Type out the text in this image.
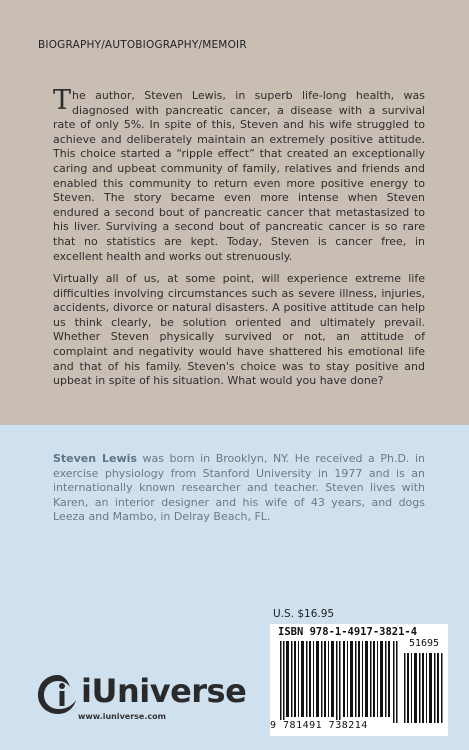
BIOGRAPHY/AUTOBIOGRAPHY/MEMOIR

The author, Steven Lewis, in superb life-long health, was diagnosed with pancreatic cancer, a disease with a survival rate of only 5%. In spite of this, Steven and his wife struggled to achieve and deliberately maintain an extremely positive attitude. This choice started a “ripple effect” that created an exceptionally caring and upbeat community of family, relatives and friends and enabled this community to return even more positive energy to Steven. The story became even more intense when Steven endured a second bout of pancreatic cancer that metastasized to his liver. Surviving a second bout of pancreatic cancer is so rare that no statistics are kept. Today, Steven is cancer free, in excellent health and works out strenuously.

Virtually all of us, at some point, will experience extreme life difficulties involving circumstances such as severe illness, injuries, accidents, divorce or natural disasters. A positive attitude can help us think clearly, be solution oriented and ultimately prevail. Whether Steven physically survived or not, an attitude of complaint and negativity would have shattered his emotional life and that of his family. Steven's choice was to stay positive and upbeat in spite of his situation. What would you have done?

Steven Lewis was born in Brooklyn, NY. He received a Ph.D. in exercise physiology from Stanford University in 1977 and is an internationally known researcher and teacher. Steven lives with Karen, an interior designer and his wife of 43 years, and dogs Leeza and Mambo, in Delray Beach, FL.

U.S. $16.95
ISBN 978-1-4917-3821-4
51695
9 781491 738214
iUniverse
www.iuniverse.com
